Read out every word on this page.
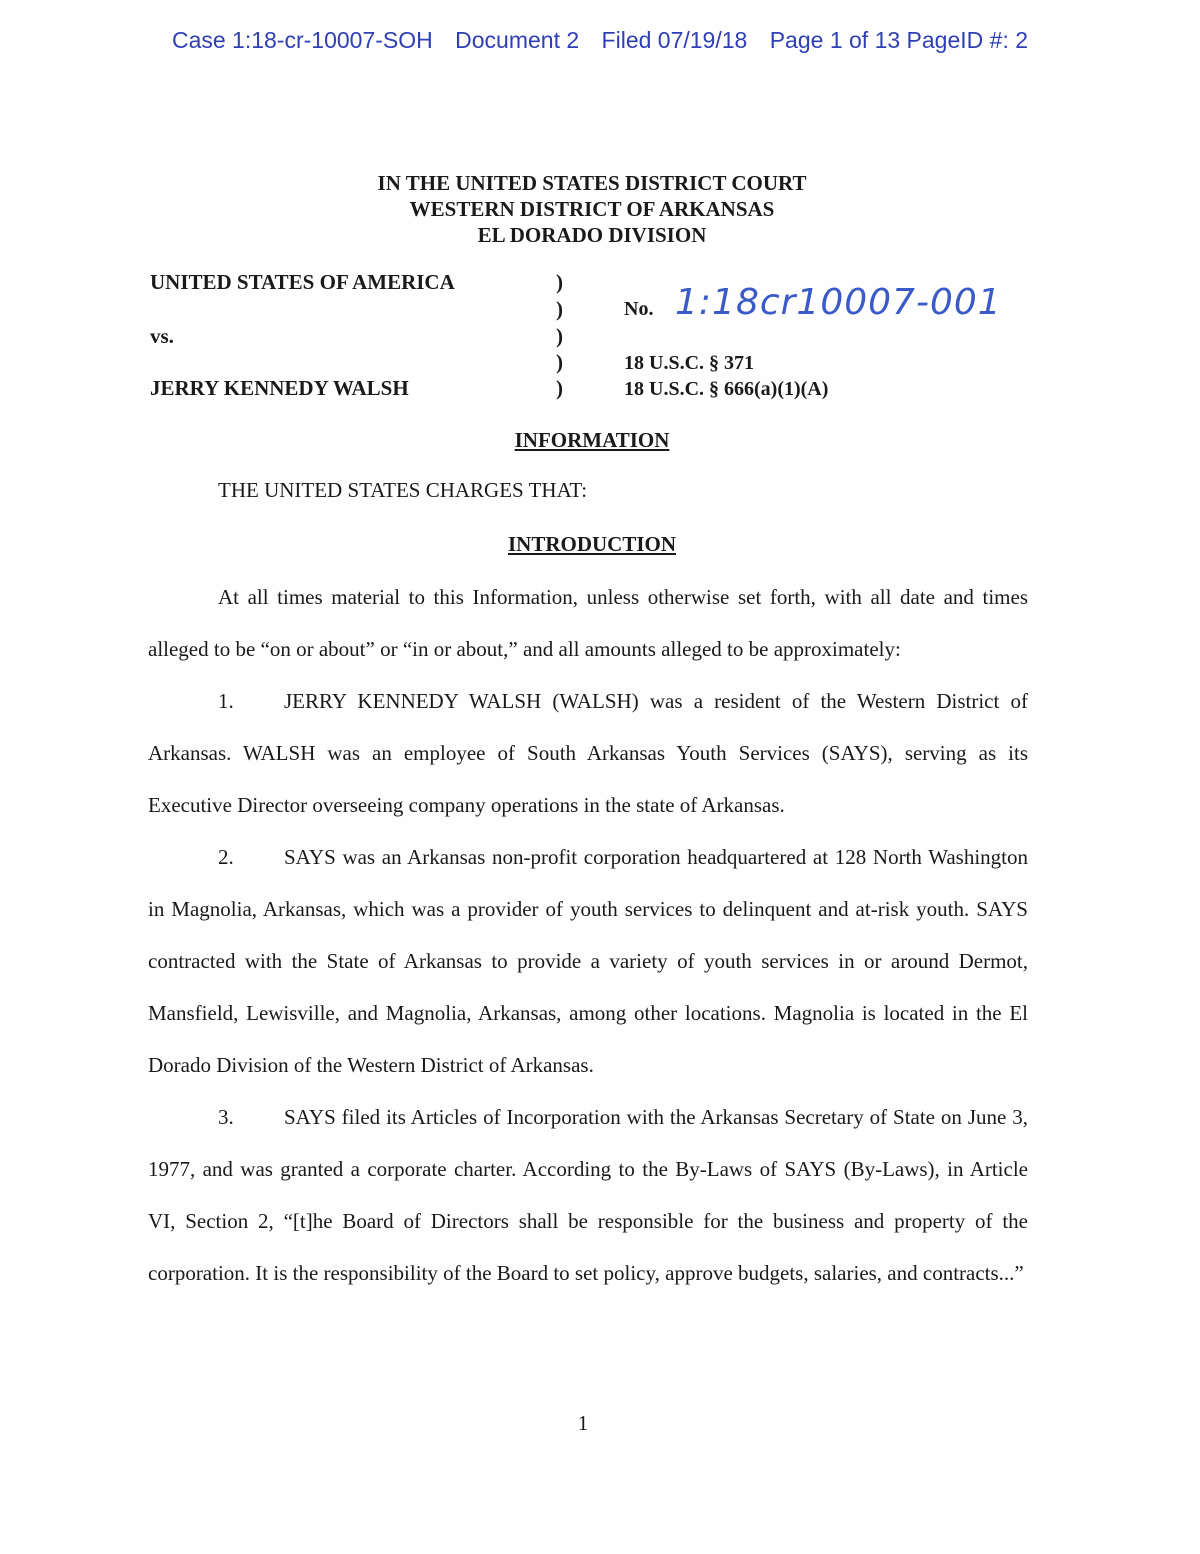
Case 1:18-cr-10007-SOH Document 2 Filed 07/19/18 Page 1 of 13 PageID #: 2
IN THE UNITED STATES DISTRICT COURT
WESTERN DISTRICT OF ARKANSAS
EL DORADO DIVISION
UNITED STATES OF AMERICA
vs.
JERRY KENNEDY WALSH
)
)
)
)
)
No. 1:18cr10007-001
18 U.S.C. § 371
18 U.S.C. § 666(a)(1)(A)
INFORMATION
THE UNITED STATES CHARGES THAT:
INTRODUCTION

At all times material to this Information, unless otherwise set forth, with all date and times alleged to be “on or about” or “in or about,” and all amounts alleged to be approximately:

1. JERRY KENNEDY WALSH (WALSH) was a resident of the Western District of Arkansas. WALSH was an employee of South Arkansas Youth Services (SAYS), serving as its Executive Director overseeing company operations in the state of Arkansas.

2. SAYS was an Arkansas non-profit corporation headquartered at 128 North Washington in Magnolia, Arkansas, which was a provider of youth services to delinquent and at-risk youth. SAYS contracted with the State of Arkansas to provide a variety of youth services in or around Dermot, Mansfield, Lewisville, and Magnolia, Arkansas, among other locations. Magnolia is located in the El Dorado Division of the Western District of Arkansas.

3. SAYS filed its Articles of Incorporation with the Arkansas Secretary of State on June 3, 1977, and was granted a corporate charter. According to the By-Laws of SAYS (By-Laws), in Article VI, Section 2, “[t]he Board of Directors shall be responsible for the business and property of the corporation. It is the responsibility of the Board to set policy, approve budgets, salaries, and contracts...”

1
